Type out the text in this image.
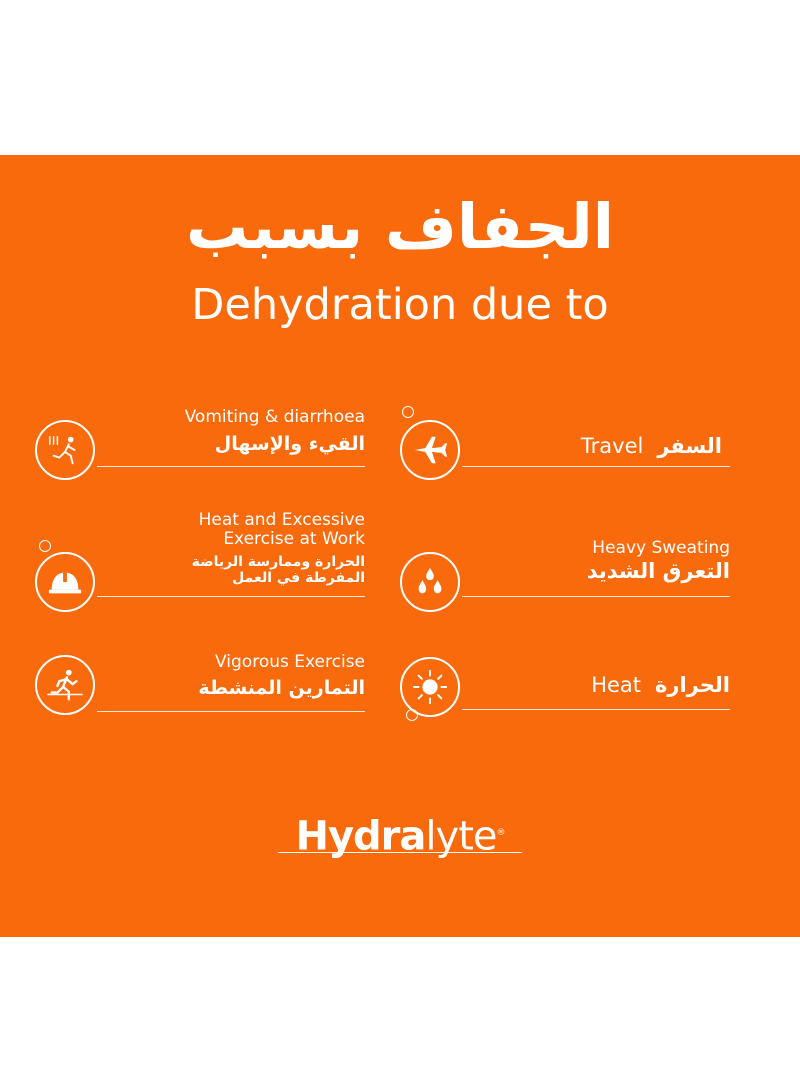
الجفاف بسبب
Dehydration due to
Vomiting & diarrhoea
القيء والإسهال	Travel السفر
Heat and Excessive
Exercise at Work
الحرارة وممارسة الرياضة
المفرطة في العمل
Heavy Sweating
التعرق الشديد
Vigorous Exercise
التمارين المنشطة	Heat الحرارة
Hydralyte®
